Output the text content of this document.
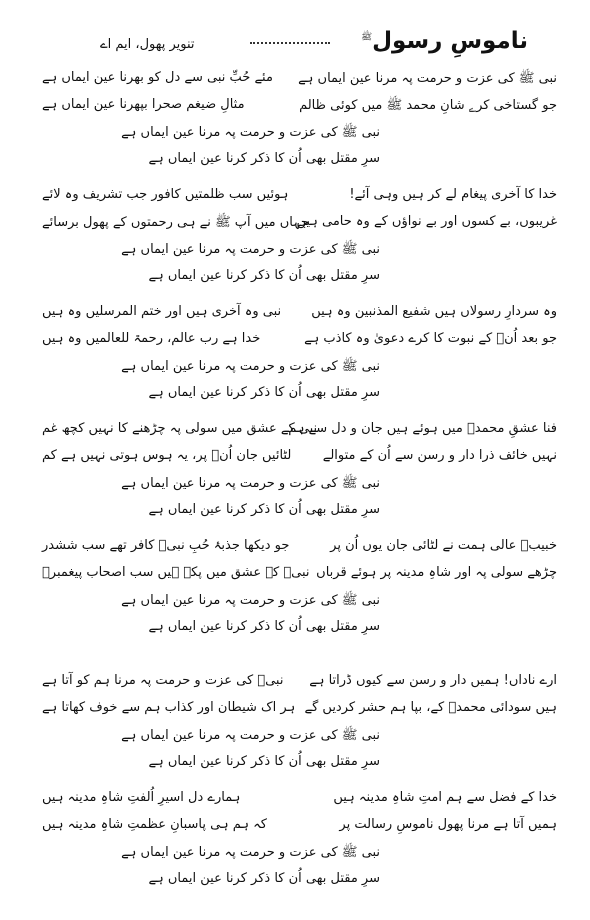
ناموسِ رسول$^ﷺ$
تنویر پھول، ایم اے
نبی ﷺ کی عزت و حرمت پہ مرنا عین ایماں ہے
مئے حُبِّ نبی سے دل کو بھرنا عین ایماں ہے
جو گستاخی کرے شانِ محمد ﷺ میں کوئی ظالم
مثالِ ضیغم صحرا بپھرنا عین ایماں ہے
نبی ﷺ کی عزت و حرمت پہ مرنا عین ایماں ہے
سرِ مقتل بھی اُن کا ذکر کرنا عین ایماں ہے
خدا کا آخری پیغام لے کر ہیں وہی آئے!
ہوئیں سب ظلمتیں کافور جب تشریف وہ لائے
غریبوں، بے کسوں اور بے نواؤں کے وہ حامی ہیں
جہاں میں آپ ﷺ نے ہی رحمتوں کے پھول برسائے
نبی ﷺ کی عزت و حرمت پہ مرنا عین ایماں ہے
سرِ مقتل بھی اُن کا ذکر کرنا عین ایماں ہے
وہ سردارِ رسولاں ہیں شفیع المذنبین وہ ہیں
نبی وہ آخری ہیں اور ختم المرسلیں وہ ہیں
جو بعد اُنؐ کے نبوت کا کرے دعویٰ وہ کاذب ہے
خدا ہے رب عالم، رحمۃ للعالمیں وہ ہیں
نبی ﷺ کی عزت و حرمت پہ مرنا عین ایماں ہے
سرِ مقتل بھی اُن کا ذکر کرنا عین ایماں ہے
فنا عشقِ محمدؐ میں ہوئے ہیں جان و دل سے ہم
نبی کے عشق میں سولی پہ چڑھنے کا نہیں کچھ غم
نہیں خائف ذرا دار و رسن سے اُن کے متوالے
لٹائیں جان اُنؐ پر، یہ ہوس ہوتی نہیں ہے کم
نبی ﷺ کی عزت و حرمت پہ مرنا عین ایماں ہے
سرِ مقتل بھی اُن کا ذکر کرنا عین ایماں ہے
خبیبؓ عالی ہمت نے لٹائی جان یوں اُن پر
جو دیکھا جذبۂ حُبِ نبیؐ کافر تھے سب ششدر
چڑھے سولی پہ اور شاہِ مدینہ پر ہوئے قرباں
نبیؐ کے عشق میں پکے ہیں سب اصحاب پیغمبرؐ
نبی ﷺ کی عزت و حرمت پہ مرنا عین ایماں ہے
سرِ مقتل بھی اُن کا ذکر کرنا عین ایماں ہے
ارے ناداں! ہمیں دار و رسن سے کیوں ڈراتا ہے
نبیؐ کی عزت و حرمت پہ مرنا ہم کو آتا ہے
ہیں سودائی محمدؐ کے، بپا ہم حشر کردیں گے
ہر اک شیطان اور کذاب ہم سے خوف کھاتا ہے
نبی ﷺ کی عزت و حرمت پہ مرنا عین ایماں ہے
سرِ مقتل بھی اُن کا ذکر کرنا عین ایماں ہے
خدا کے فضل سے ہم امتِ شاہِ مدینہ ہیں
ہمارے دل اسیرِ اُلفتِ شاہِ مدینہ ہیں
ہمیں آتا ہے مرنا پھول ناموسِ رسالت پر
کہ ہم ہی پاسبانِ عظمتِ شاہِ مدینہ ہیں
نبی ﷺ کی عزت و حرمت پہ مرنا عین ایماں ہے
سرِ مقتل بھی اُن کا ذکر کرنا عین ایماں ہے
